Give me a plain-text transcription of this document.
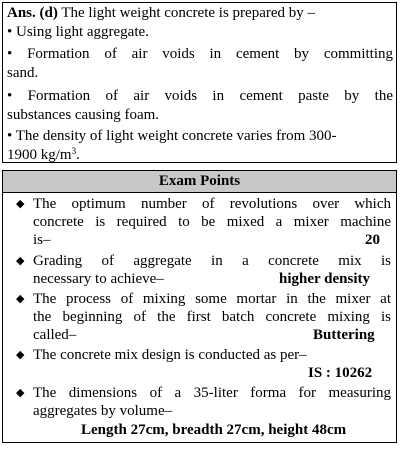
Ans. (d) The light weight concrete is prepared by –
• Using light aggregate.
• Formation of air voids in cement by committing
sand.
• Formation of air voids in cement paste by the
substances causing foam.
• The density of light weight concrete varies from 300-
1900 $kg/m^3$.
Exam Points
◆ The optimum number of revolutions over which
concrete is required to be mixed a mixer machine
is–	20
◆ Grading of aggregate in a concrete mix is
necessary to achieve–	higher density
◆ The process of mixing some mortar in the mixer at
the beginning of the first batch concrete mixing is
called–	Buttering
◆ The concrete mix design is conducted as per–
IS : 10262
◆ The dimensions of a 35-liter forma for measuring
aggregates by volume–
Length 27cm, breadth 27cm, height 48cm
